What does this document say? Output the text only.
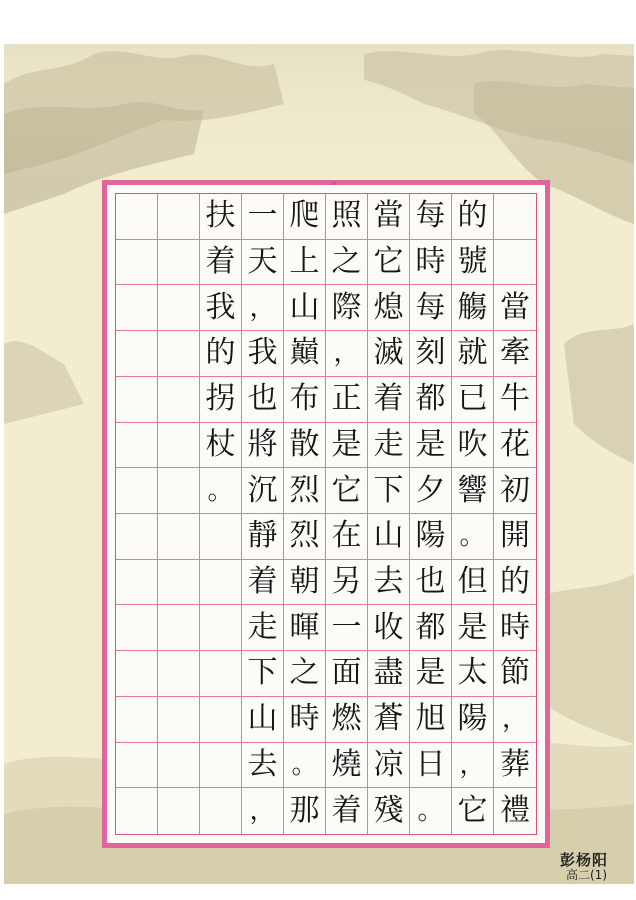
扶 一 爬 照 當 每 的
着 天 上 之 它 時 號
我 ， 山 際 熄 每 觴 當
的 我 巔 ， 滅 刻 就 牽
拐 也 布 正 着 都 已 牛
杖 將 散 是 走 是 吹 花
。 沉 烈 它 下 夕 響 初
靜 烈 在 山 陽 。 開
着 朝 另 去 也 但 的
走 暉 一 收 都 是 時
下 之 面 盡 是 太 節
山 時 燃 蒼 旭 陽 ，
去 。 燒 凉 日 ， 葬
， 那 着 殘 。 它 禮
彭杨阳
高二(1)
